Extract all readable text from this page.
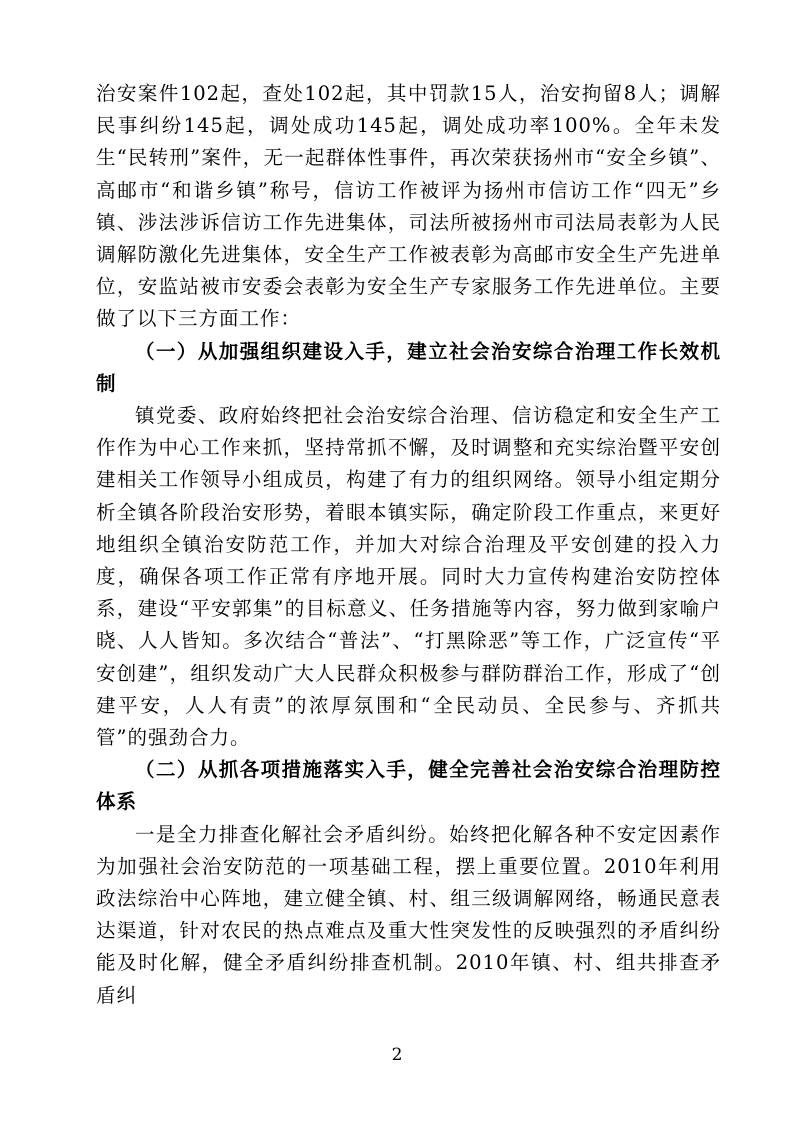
治安案件102起，查处102起，其中罚款15人，治安拘留8人；调解民事纠纷145起，调处成功145起，调处成功率100%。全年未发生“民转刑”案件，无一起群体性事件，再次荣获扬州市“安全乡镇”、高邮市“和谐乡镇”称号，信访工作被评为扬州市信访工作“四无”乡镇、涉法涉诉信访工作先进集体，司法所被扬州市司法局表彰为人民调解防激化先进集体，安全生产工作被表彰为高邮市安全生产先进单位，安监站被市安委会表彰为安全生产专家服务工作先进单位。主要做了以下三方面工作：

（一）从加强组织建设入手，建立社会治安综合治理工作长效机制

镇党委、政府始终把社会治安综合治理、信访稳定和安全生产工作作为中心工作来抓，坚持常抓不懈，及时调整和充实综治暨平安创建相关工作领导小组成员，构建了有力的组织网络。领导小组定期分析全镇各阶段治安形势，着眼本镇实际，确定阶段工作重点，来更好地组织全镇治安防范工作，并加大对综合治理及平安创建的投入力度，确保各项工作正常有序地开展。同时大力宣传构建治安防控体系，建设“平安郭集”的目标意义、任务措施等内容，努力做到家喻户晓、人人皆知。多次结合“普法”、“打黑除恶”等工作，广泛宣传“平安创建”，组织发动广大人民群众积极参与群防群治工作，形成了“创建平安，人人有责”的浓厚氛围和“全民动员、全民参与、齐抓共管”的强劲合力。

（二）从抓各项措施落实入手，健全完善社会治安综合治理防控体系

一是全力排查化解社会矛盾纠纷。始终把化解各种不安定因素作为加强社会治安防范的一项基础工程，摆上重要位置。2010年利用政法综治中心阵地，建立健全镇、村、组三级调解网络，畅通民意表达渠道，针对农民的热点难点及重大性突发性的反映强烈的矛盾纠纷能及时化解，健全矛盾纠纷排查机制。2010年镇、村、组共排查矛盾纠

2
